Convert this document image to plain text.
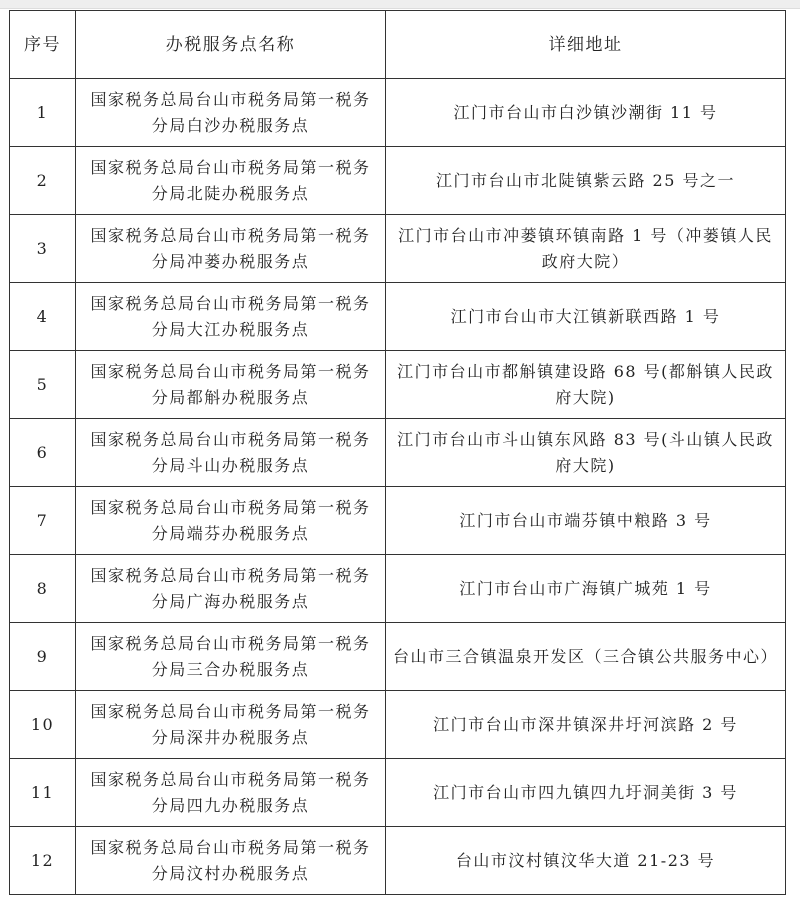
序号	办税服务点名称	详细地址
1	国家税务总局台山市税务局第一税务分局白沙办税服务点	江门市台山市白沙镇沙潮街 11 号
2	国家税务总局台山市税务局第一税务分局北陡办税服务点	江门市台山市北陡镇紫云路 25 号之一
3	国家税务总局台山市税务局第一税务分局冲蒌办税服务点	江门市台山市冲蒌镇环镇南路 1 号（冲蒌镇人民政府大院）
4	国家税务总局台山市税务局第一税务分局大江办税服务点	江门市台山市大江镇新联西路 1 号
5	国家税务总局台山市税务局第一税务分局都斛办税服务点	江门市台山市都斛镇建设路 68 号(都斛镇人民政府大院)
6	国家税务总局台山市税务局第一税务分局斗山办税服务点	江门市台山市斗山镇东风路 83 号(斗山镇人民政府大院)
7	国家税务总局台山市税务局第一税务分局端芬办税服务点	江门市台山市端芬镇中粮路 3 号
8	国家税务总局台山市税务局第一税务分局广海办税服务点	江门市台山市广海镇广城苑 1 号
9	国家税务总局台山市税务局第一税务分局三合办税服务点	台山市三合镇温泉开发区（三合镇公共服务中心）
10	国家税务总局台山市税务局第一税务分局深井办税服务点	江门市台山市深井镇深井圩河滨路 2 号
11	国家税务总局台山市税务局第一税务分局四九办税服务点	江门市台山市四九镇四九圩洞美街 3 号
12	国家税务总局台山市税务局第一税务分局汶村办税服务点	台山市汶村镇汶华大道 21-23 号
